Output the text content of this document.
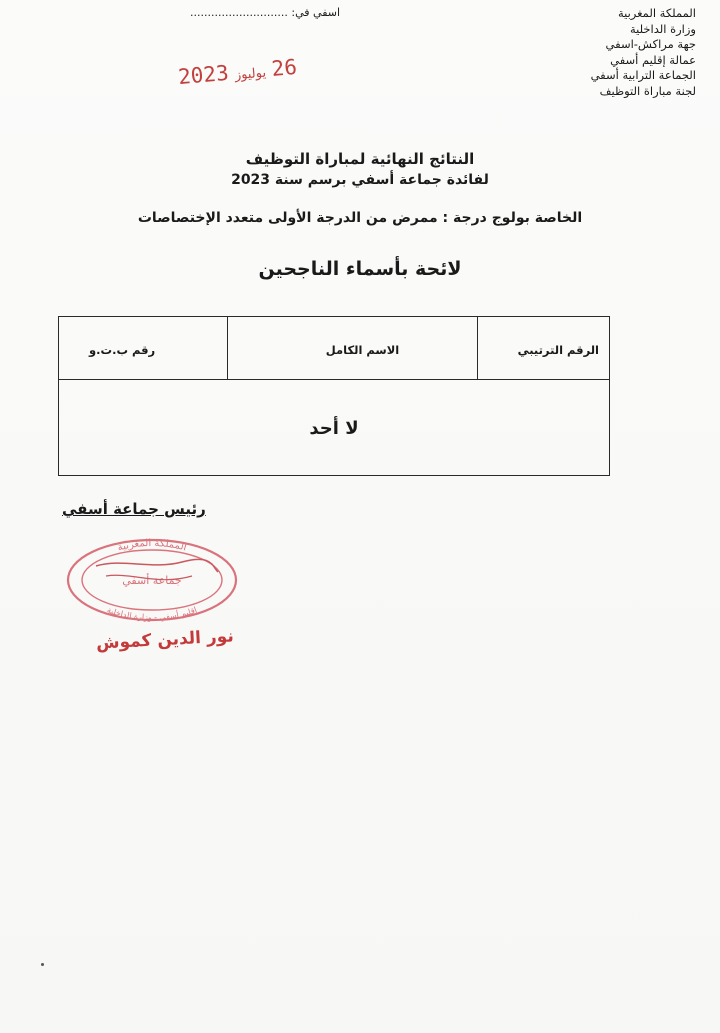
المملكة المغربية
وزارة الداخلية
جهة مراكش-اسفي
عمالة إقليم أسفي
الجماعة الترابية أسفي
لجنة مباراة التوظيف
اسفي في: ............................
26
يوليوز
2023
النتائج النهائية لمباراة التوظيف
لفائدة جماعة أسفي برسم سنة 2023
الخاصة بولوج درجة : ممرض من الدرجة الأولى متعدد الإختصاصات
لائحة بأسماء الناجحين
الرقم الترتيبي
الاسم الكامل
رقم ب.ت.و
لا أحد
رئيس جماعة أسفي
المملكة المغربية
جماعة أسفي
إقليم أسفي - وزارة الداخلية
نور الدين كموش
